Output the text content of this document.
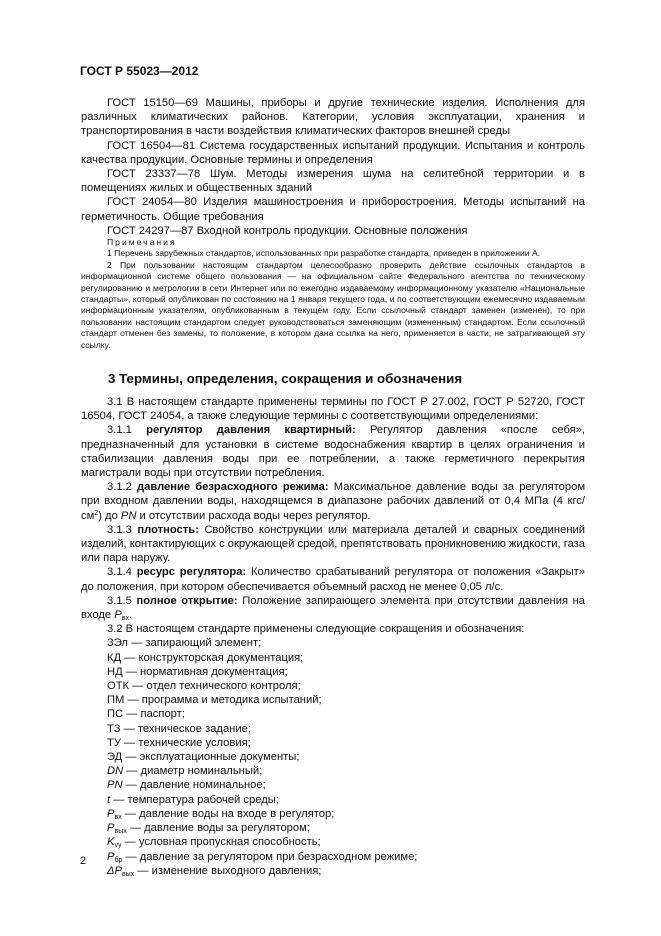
ГОСТ Р 55023—2012

ГОСТ 15150—69 Машины, приборы и другие технические изделия. Исполнения для различных климатических районов. Категории, условия эксплуатации, хранения и транспортирования в части воздействия климатических факторов внешней среды

ГОСТ 16504—81 Система государственных испытаний продукции. Испытания и контроль качества продукции. Основные термины и определения

ГОСТ 23337—78 Шум. Методы измерения шума на селитебной территории и в помещениях жилых и общественных зданий

ГОСТ 24054—80 Изделия машиностроения и приборостроения. Методы испытаний на герметичность. Общие требования

ГОСТ 24297—87 Входной контроль продукции. Основные положения

Примечания

1 Перечень зарубежных стандартов, использованных при разработке стандарта, приведен в приложении А.

2 При пользовании настоящим стандартом целесообразно проверить действие ссылочных стандартов в информационной системе общего пользования — на официальном сайте Федерального агентства по техническому регулированию и метрологии в сети Интернет или по ежегодно издаваемому информационному указателю «Национальные стандарты», который опубликован по состоянию на 1 января текущего года, и по соответствующим ежемесячно издаваемым информационным указателям, опубликованным в текущем году. Если ссылочный стандарт заменен (изменен), то при пользовании настоящим стандартом следует руководствоваться заменяющим (измененным) стандартом. Если ссылочный стандарт отменен без замены, то положение, в котором дана ссылка на него, применяется в части, не затрагивающей эту ссылку.

3 Термины, определения, сокращения и обозначения

3.1 В настоящем стандарте применены термины по ГОСТ Р 27.002, ГОСТ Р 52720, ГОСТ 16504, ГОСТ 24054, а также следующие термины с соответствующими определениями:

3.1.1 регулятор давления квартирный: Регулятор давления «после себя», предназначенный для установки в системе водоснабжения квартир в целях ограничения и стабилизации давления воды при ее потреблении, а также герметичного перекрытия магистрали воды при отсутствии потребления.

3.1.2 давление безрасходного режима: Максимальное давление воды за регулятором при входном давлении воды, находящемся в диапазоне рабочих давлений от 0,4 МПа (4 кгс/$см^2$) до PN и отсутствии расхода воды через регулятор.

3.1.3 плотность: Свойство конструкции или материала деталей и сварных соединений изделий, контактирующих с окружающей средой, препятствовать проникновению жидкости, газа или пара наружу.

3.1.4 ресурс регулятора: Количество срабатываний регулятора от положения «Закрыт» до положения, при котором обеспечивается объемный расход не менее 0,05 л/с.

3.1.5 полное открытие: Положение запирающего элемента при отсутствии давления на входе $P_{вх}$.

3.2 В настоящем стандарте применены следующие сокращения и обозначения:

ЗЭл — запирающий элемент;
КД — конструкторская документация;
НД — нормативная документация;
ОТК — отдел технического контроля;
ПМ — программа и методика испытаний;
ПС — паспорт;
ТЗ — техническое задание;
ТУ — технические условия;
ЭД — эксплуатационные документы;
DN — диаметр номинальный;
PN — давление номинальное;
t — температура рабочей среды;
$P_{вх}$ — давление воды на входе в регулятор;
$P_{вых}$ — давление воды за регулятором;
$K_{vy}$ — условная пропускная способность;
$P_{бр}$ — давление за регулятором при безрасходном режиме;
$\Delta P_{вых}$ — изменение выходного давления;
2
